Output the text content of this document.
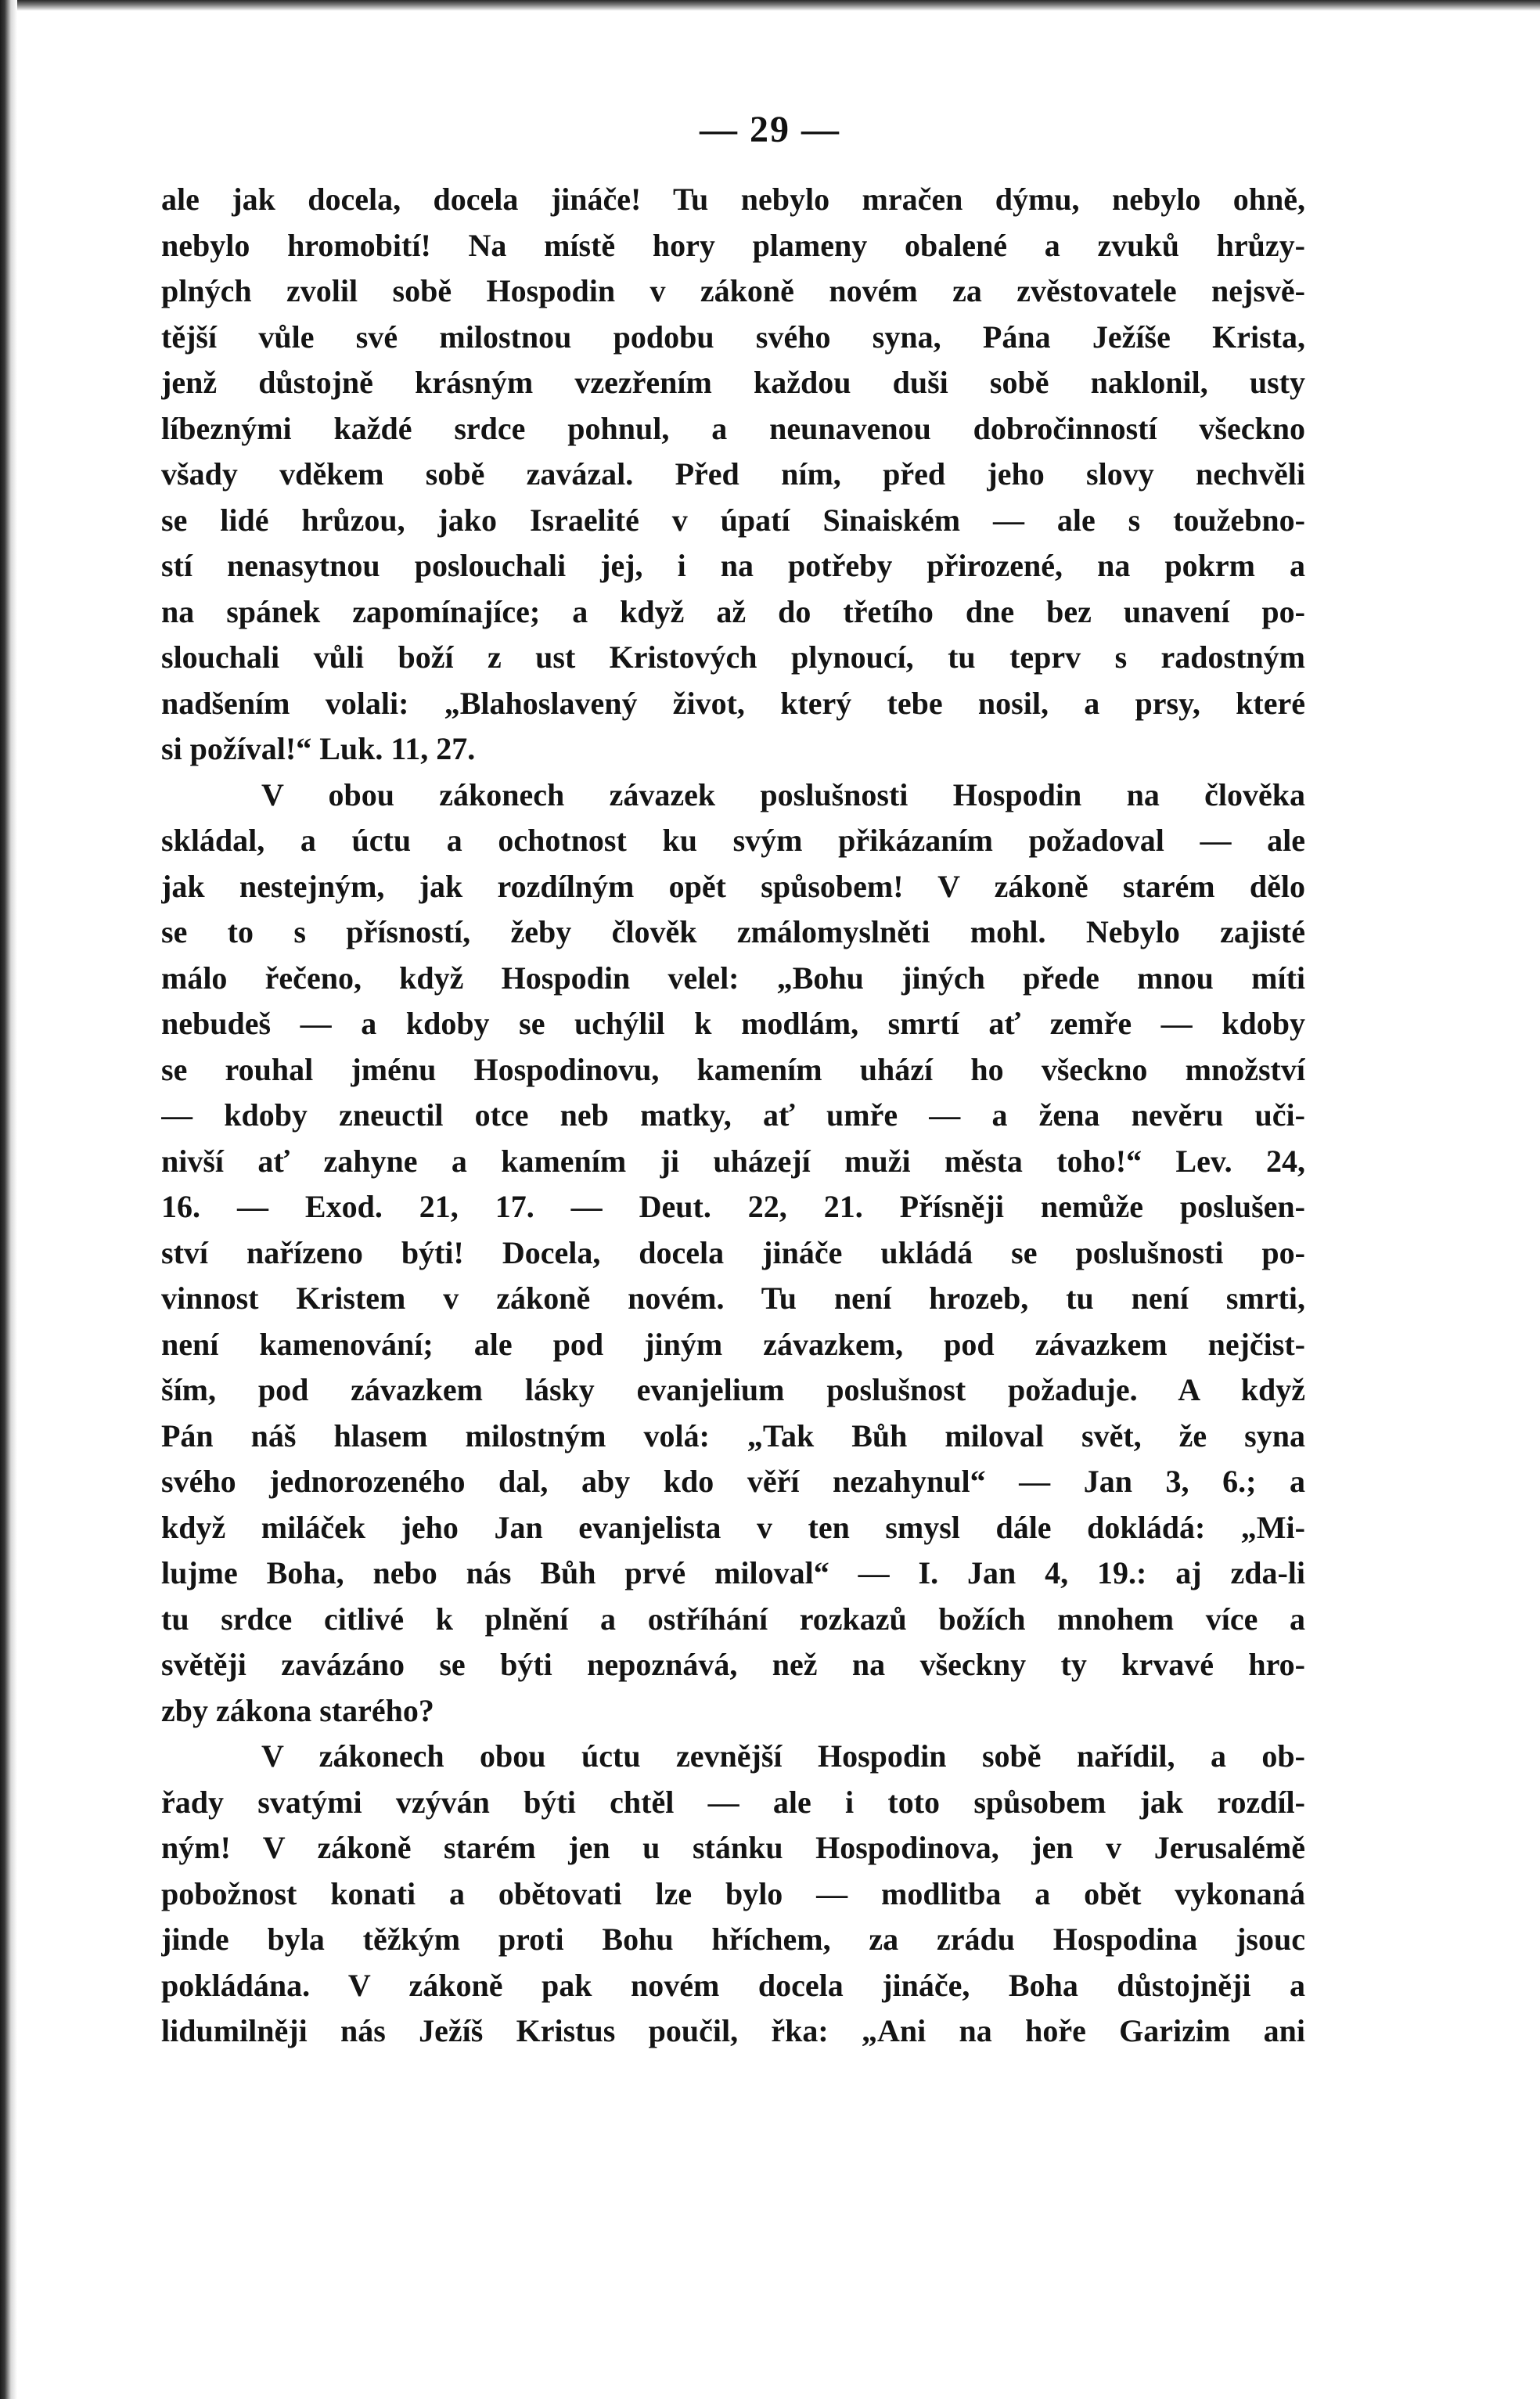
— 29 —
ale jak docela, docela jináče! Tu nebylo mračen dýmu, nebylo ohně,
nebylo hromobití! Na místě hory plameny obalené a zvuků hrůzy-
plných zvolil sobě Hospodin v zákoně novém za zvěstovatele nejsvě-
tější vůle své milostnou podobu svého syna, Pána Ježíše Krista,
jenž důstojně krásným vzezřením každou duši sobě naklonil, usty
líbeznými každé srdce pohnul, a neunavenou dobročinností všeckno
všady vděkem sobě zavázal. Před ním, před jeho slovy nechvěli
se lidé hrůzou, jako Israelité v úpatí Sinaiském — ale s toužebno-
stí nenasytnou poslouchali jej, i na potřeby přirozené, na pokrm a
na spánek zapomínajíce; a když až do třetího dne bez unavení po-
slouchali vůli boží z ust Kristových plynoucí, tu teprv s radostným
nadšením volali: „Blahoslavený život, který tebe nosil, a prsy, které
si požíval!“ Luk. 11, 27.
V obou zákonech závazek poslušnosti Hospodin na člověka
skládal, a úctu a ochotnost ku svým přikázaním požadoval — ale
jak nestejným, jak rozdílným opět spůsobem! V zákoně starém dělo
se to s přísností, žeby člověk zmálomyslněti mohl. Nebylo zajisté
málo řečeno, když Hospodin velel: „Bohu jiných přede mnou míti
nebudeš — a kdoby se uchýlil k modlám, smrtí ať zemře — kdoby
se rouhal jménu Hospodinovu, kamením uhází ho všeckno množství
— kdoby zneuctil otce neb matky, ať umře — a žena nevěru uči-
nivší ať zahyne a kamením ji uházejí muži města toho!“ Lev. 24,
16. — Exod. 21, 17. — Deut. 22, 21. Přísněji nemůže poslušen-
ství nařízeno býti! Docela, docela jináče ukládá se poslušnosti po-
vinnost Kristem v zákoně novém. Tu není hrozeb, tu není smrti,
není kamenování; ale pod jiným závazkem, pod závazkem nejčist-
ším, pod závazkem lásky evanjelium poslušnost požaduje. A když
Pán náš hlasem milostným volá: „Tak Bůh miloval svět, že syna
svého jednorozeného dal, aby kdo věří nezahynul“ — Jan 3, 6.; a
když miláček jeho Jan evanjelista v ten smysl dále dokládá: „Mi-
lujme Boha, nebo nás Bůh prvé miloval“ — I. Jan 4, 19.: aj zda-li
tu srdce citlivé k plnění a ostříhání rozkazů božích mnohem více a
světěji zavázáno se býti nepoznává, než na všeckny ty krvavé hro-
zby zákona starého?
V zákonech obou úctu zevnější Hospodin sobě nařídil, a ob-
řady svatými vzýván býti chtěl — ale i toto spůsobem jak rozdíl-
ným! V zákoně starém jen u stánku Hospodinova, jen v Jerusalémě
pobožnost konati a obětovati lze bylo — modlitba a obět vykonaná
jinde byla těžkým proti Bohu hříchem, za zrádu Hospodina jsouc
pokládána. V zákoně pak novém docela jináče, Boha důstojněji a
lidumilněji nás Ježíš Kristus poučil, řka: „Ani na hoře Garizim ani
